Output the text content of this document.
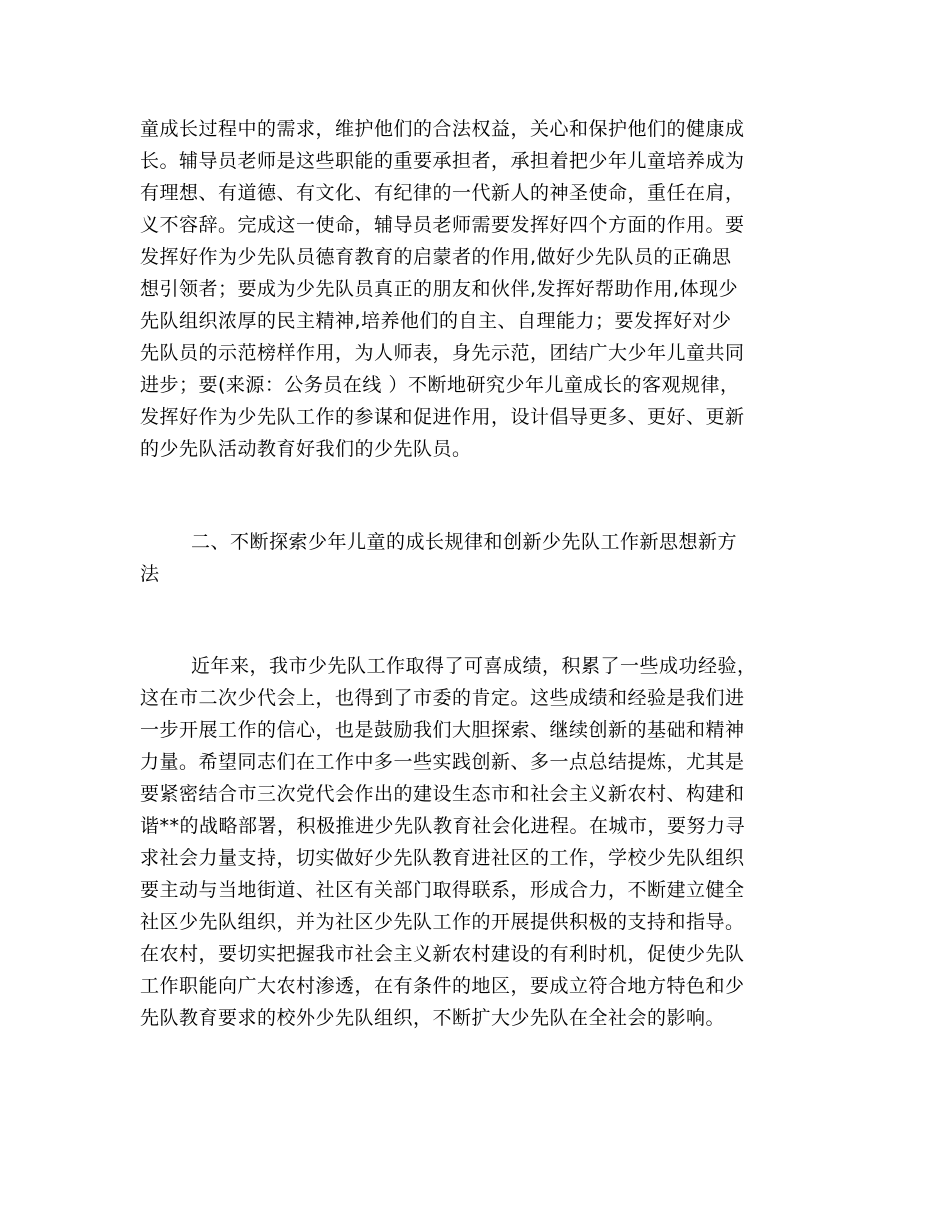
童成长过程中的需求，维护他们的合法权益，关心和保护他们的健康成
长。辅导员老师是这些职能的重要承担者，承担着把少年儿童培养成为
有理想、有道德、有文化、有纪律的一代新人的神圣使命，重任在肩，
义不容辞。完成这一使命，辅导员老师需要发挥好四个方面的作用。要
发挥好作为少先队员德育教育的启蒙者的作用,做好少先队员的正确思
想引领者；要成为少先队员真正的朋友和伙伴,发挥好帮助作用,体现少
先队组织浓厚的民主精神,培养他们的自主、自理能力；要发挥好对少
先队员的示范榜样作用，为人师表，身先示范，团结广大少年儿童共同
进步；要(来源：公务员在线 ）不断地研究少年儿童成长的客观规律，
发挥好作为少先队工作的参谋和促进作用，设计倡导更多、更好、更新
的少先队活动教育好我们的少先队员。
二、不断探索少年儿童的成长规律和创新少先队工作新思想新方
法
近年来，我市少先队工作取得了可喜成绩，积累了一些成功经验，
这在市二次少代会上，也得到了市委的肯定。这些成绩和经验是我们进
一步开展工作的信心，也是鼓励我们大胆探索、继续创新的基础和精神
力量。希望同志们在工作中多一些实践创新、多一点总结提炼，尤其是
要紧密结合市三次党代会作出的建设生态市和社会主义新农村、构建和
谐**的战略部署，积极推进少先队教育社会化进程。在城市，要努力寻
求社会力量支持，切实做好少先队教育进社区的工作，学校少先队组织
要主动与当地街道、社区有关部门取得联系，形成合力，不断建立健全
社区少先队组织，并为社区少先队工作的开展提供积极的支持和指导。
在农村，要切实把握我市社会主义新农村建设的有利时机，促使少先队
工作职能向广大农村渗透，在有条件的地区，要成立符合地方特色和少
先队教育要求的校外少先队组织，不断扩大少先队在全社会的影响。
